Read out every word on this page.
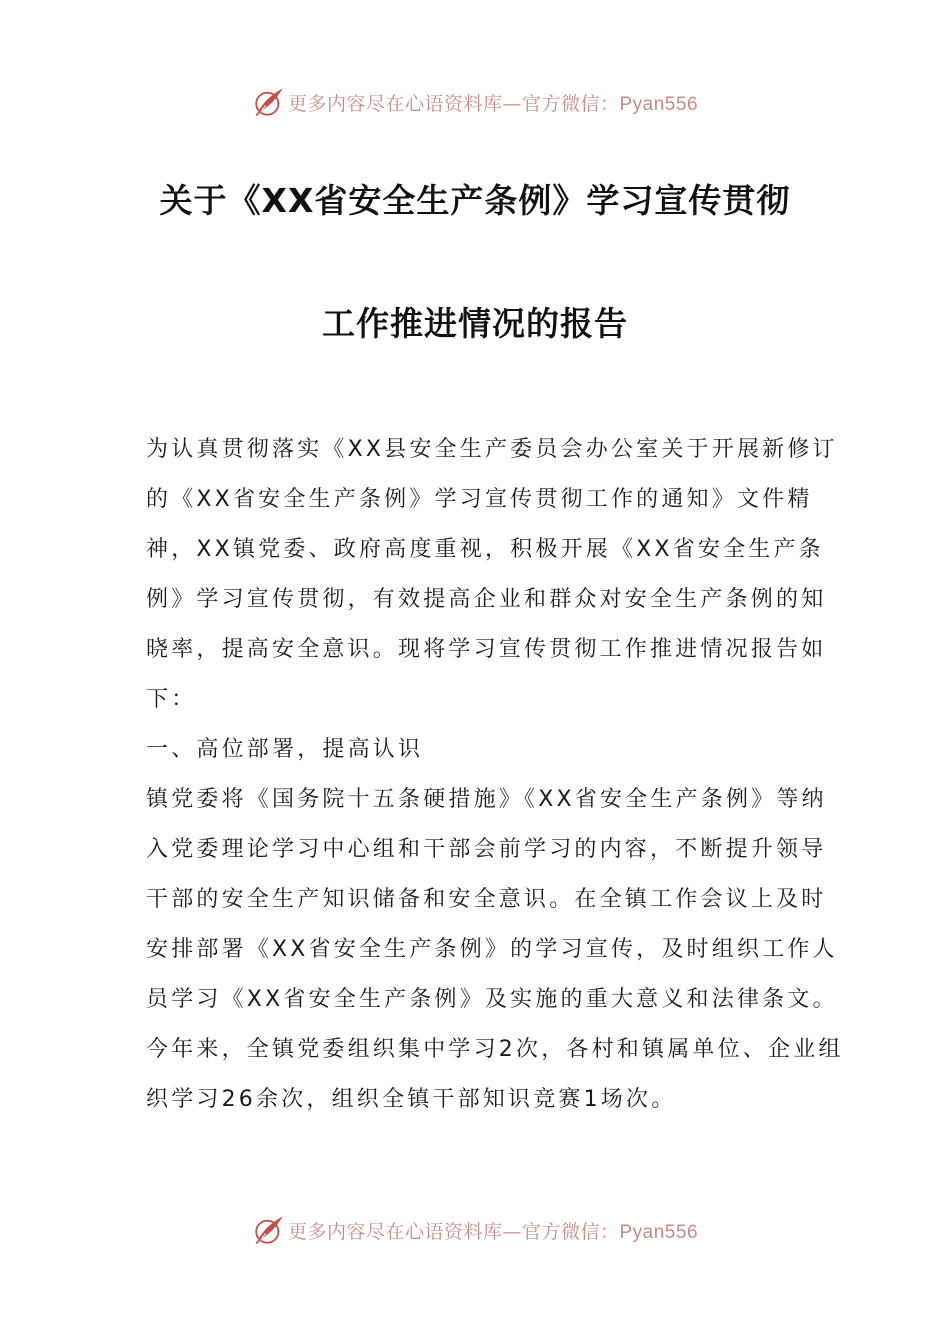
更多内容尽在心语资料库—官方微信：Pyan556
关于《XX省安全生产条例》学习宣传贯彻
工作推进情况的报告

为认真贯彻落实《XX县安全生产委员会办公室关于开展新修订的《XX省安全生产条例》学习宣传贯彻工作的通知》文件精神，XX镇党委、政府高度重视，积极开展《XX省安全生产条例》学习宣传贯彻，有效提高企业和群众对安全生产条例的知晓率，提高安全意识。现将学习宣传贯彻工作推进情况报告如下：

一、高位部署，提高认识

镇党委将《国务院十五条硬措施》《XX省安全生产条例》等纳入党委理论学习中心组和干部会前学习的内容，不断提升领导干部的安全生产知识储备和安全意识。在全镇工作会议上及时安排部署《XX省安全生产条例》的学习宣传，及时组织工作人员学习《XX省安全生产条例》及实施的重大意义和法律条文。今年来，全镇党委组织集中学习2次，各村和镇属单位、企业组织学习26余次，组织全镇干部知识竞赛1场次。

更多内容尽在心语资料库—官方微信：Pyan556
